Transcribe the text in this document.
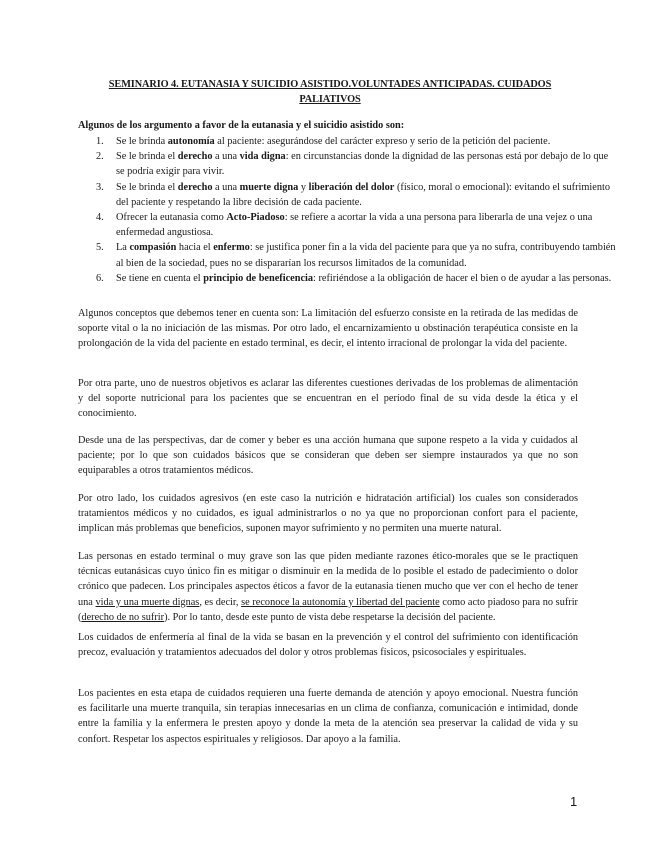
SEMINARIO 4. EUTANASIA Y SUICIDIO ASISTIDO.VOLUNTADES ANTICIPADAS. CUIDADOS
PALIATIVOS
Algunos de los argumento a favor de la eutanasia y el suicidio asistido son:
1. Se le brinda autonomía al paciente: asegurándose del carácter expreso y serio de la petición del paciente.
2. Se le brinda el derecho a una vida digna: en circunstancias donde la dignidad de las personas está por debajo de lo que se podría exigir para vivir.
3. Se le brinda el derecho a una muerte digna y liberación del dolor (físico, moral o emocional): evitando el sufrimiento del paciente y respetando la libre decisión de cada paciente.
4. Ofrecer la eutanasia como Acto-Piadoso: se refiere a acortar la vida a una persona para liberarla de una vejez o una enfermedad angustiosa.
5. La compasión hacia el enfermo: se justifica poner fin a la vida del paciente para que ya no sufra, contribuyendo también al bien de la sociedad, pues no se dispararían los recursos limitados de la comunidad.
6. Se tiene en cuenta el principio de beneficencia: refiriéndose a la obligación de hacer el bien o de ayudar a las personas.

Algunos conceptos que debemos tener en cuenta son: La limitación del esfuerzo consiste en la retirada de las medidas de soporte vital o la no iniciación de las mismas. Por otro lado, el encarnizamiento u obstinación terapéutica consiste en la prolongación de la vida del paciente en estado terminal, es decir, el intento irracional de prolongar la vida del paciente.

Por otra parte, uno de nuestros objetivos es aclarar las diferentes cuestiones derivadas de los problemas de alimentación y del soporte nutricional para los pacientes que se encuentran en el período final de su vida desde la ética y el conocimiento.

Desde una de las perspectivas, dar de comer y beber es una acción humana que supone respeto a la vida y cuidados al paciente; por lo que son cuidados básicos que se consideran que deben ser siempre instaurados ya que no son equiparables a otros tratamientos médicos.

Por otro lado, los cuidados agresivos (en este caso la nutrición e hidratación artificial) los cuales son considerados tratamientos médicos y no cuidados, es igual administrarlos o no ya que no proporcionan confort para el paciente, implican más problemas que beneficios, suponen mayor sufrimiento y no permiten una muerte natural.

Las personas en estado terminal o muy grave son las que piden mediante razones ético-morales que se le practiquen técnicas eutanásicas cuyo único fin es mitigar o disminuir en la medida de lo posible el estado de padecimiento o dolor crónico que padecen. Los principales aspectos éticos a favor de la eutanasia tienen mucho que ver con el hecho de tener una vida y una muerte dignas, es decir, se reconoce la autonomía y libertad del paciente como acto piadoso para no sufrir (derecho de no sufrir). Por lo tanto, desde este punto de vista debe respetarse la decisión del paciente.

Los cuidados de enfermería al final de la vida se basan en la prevención y el control del sufrimiento con identificación precoz, evaluación y tratamientos adecuados del dolor y otros problemas físicos, psicosociales y espirituales.

Los pacientes en esta etapa de cuidados requieren una fuerte demanda de atención y apoyo emocional. Nuestra función es facilitarle una muerte tranquila, sin terapias innecesarias en un clima de confianza, comunicación e intimidad, donde entre la familia y la enfermera le presten apoyo y donde la meta de la atención sea preservar la calidad de vida y su confort. Respetar los aspectos espirituales y religiosos. Dar apoyo a la familia.

1
